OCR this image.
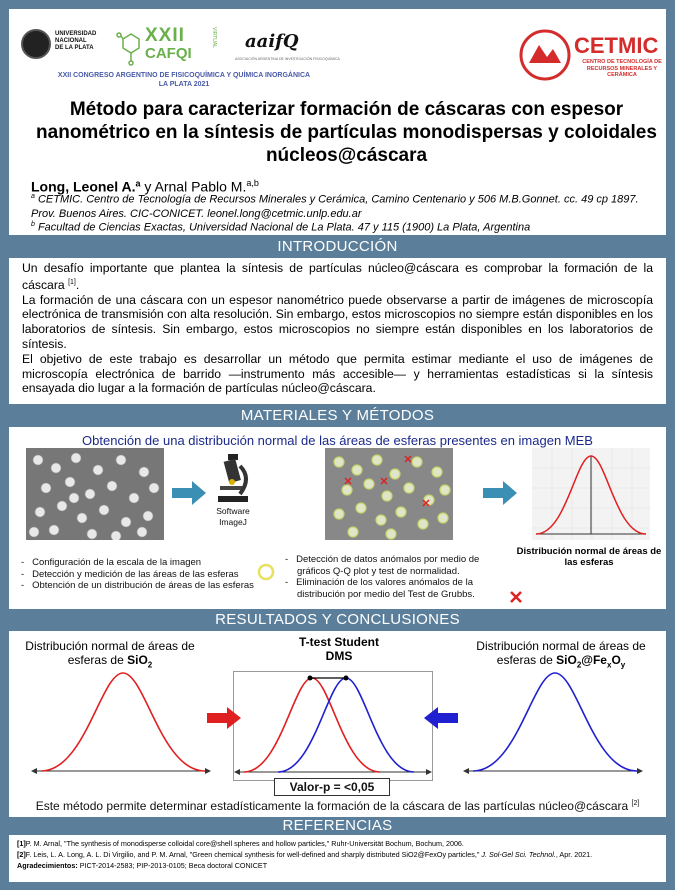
UNIVERSIDAD
NACIONAL
DE LA PLATA
XXII
CAFQI
VIRTUAL aaifQ
ASOCIACIÓN ARGENTINA DE INVESTIGACIÓN FISICOQUÍMICA
XXII CONGRESO ARGENTINO DE FISICOQUÍMICA Y QUÍMICA INORGÁNICA
LA PLATA 2021
CETMIC
CENTRO DE TECNOLOGÍA DE RECURSOS MINERALES Y CERÁMICA
Método para caracterizar formación de cáscaras con espesor nanométrico en la síntesis de partículas monodispersas y coloidales núcleos@cáscara
Long, Leonel A.$^a$ y Arnal Pablo M.$^{a,b}$
$^a$ CETMIC. Centro de Tecnología de Recursos Minerales y Cerámica, Camino Centenario y 506 M.B.Gonnet. cc. 49 cp 1897. Prov. Buenos Aires. CIC-CONICET. leonel.long@cetmic.unlp.edu.ar
$^b$ Facultad de Ciencias Exactas, Universidad Nacional de La Plata. 47 y 115 (1900) La Plata, Argentina
INTRODUCCIÓN
Un desafío importante que plantea la síntesis de partículas núcleo@cáscara es comprobar la formación de la cáscara [1].
La formación de una cáscara con un espesor nanométrico puede observarse a partir de imágenes de microscopía electrónica de transmisión con alta resolución. Sin embargo, estos microscopios no siempre están disponibles en los laboratorios de síntesis. Sin embargo, estos microscopios no siempre están disponibles en los laboratorios de síntesis.
El objetivo de este trabajo es desarrollar un método que permita estimar mediante el uso de imágenes de microscopía electrónica de barrido —instrumento más accesible— y herramientas estadísticas si la síntesis ensayada dio lugar a la formación de partículas núcleo@cáscara.
MATERIALES Y MÉTODOS
Obtención de una distribución normal de las áreas de esferas presentes en imagen MEB
Software
ImageJ
Distribución normal de áreas de las esferas
-   Configuración de la escala de la imagen
-   Detección y medición de las áreas de las esferas
-   Obtención de un distribución de áreas de las esferas
-   Detección de datos anómalos por medio de gráficos Q-Q plot y test de normalidad.
-   Eliminación de los valores anómalos de la distribución por medio del Test de Grubbs.
RESULTADOS Y CONCLUSIONES
Distribución normal de áreas de
esferas de SiO$_2$
T-test Student
DMS
Valor-p = ˂0,05
Distribución normal de áreas de
esferas de $SiO_2@Fe_xO_y$
Este método permite determinar estadísticamente la formación de la cáscara de las partículas núcleo@cáscara [2]
REFERENCIAS
[1]P. M. Arnal, "The synthesis of monodisperse colloidal core@shell spheres and hollow particles," Ruhr-Universität Bochum, Bochum, 2006.
[2]F. Leis, L. A. Long, A. L. Di Virgilio, and P. M. Arnal, "Green chemical synthesis for well-defined and sharply distributed SiO2@FexOy particles," J. Sol-Gel Sci. Technol., Apr. 2021.
Agradecimientos: PICT-2014-2583; PIP-2013-0105; Beca doctoral CONICET
